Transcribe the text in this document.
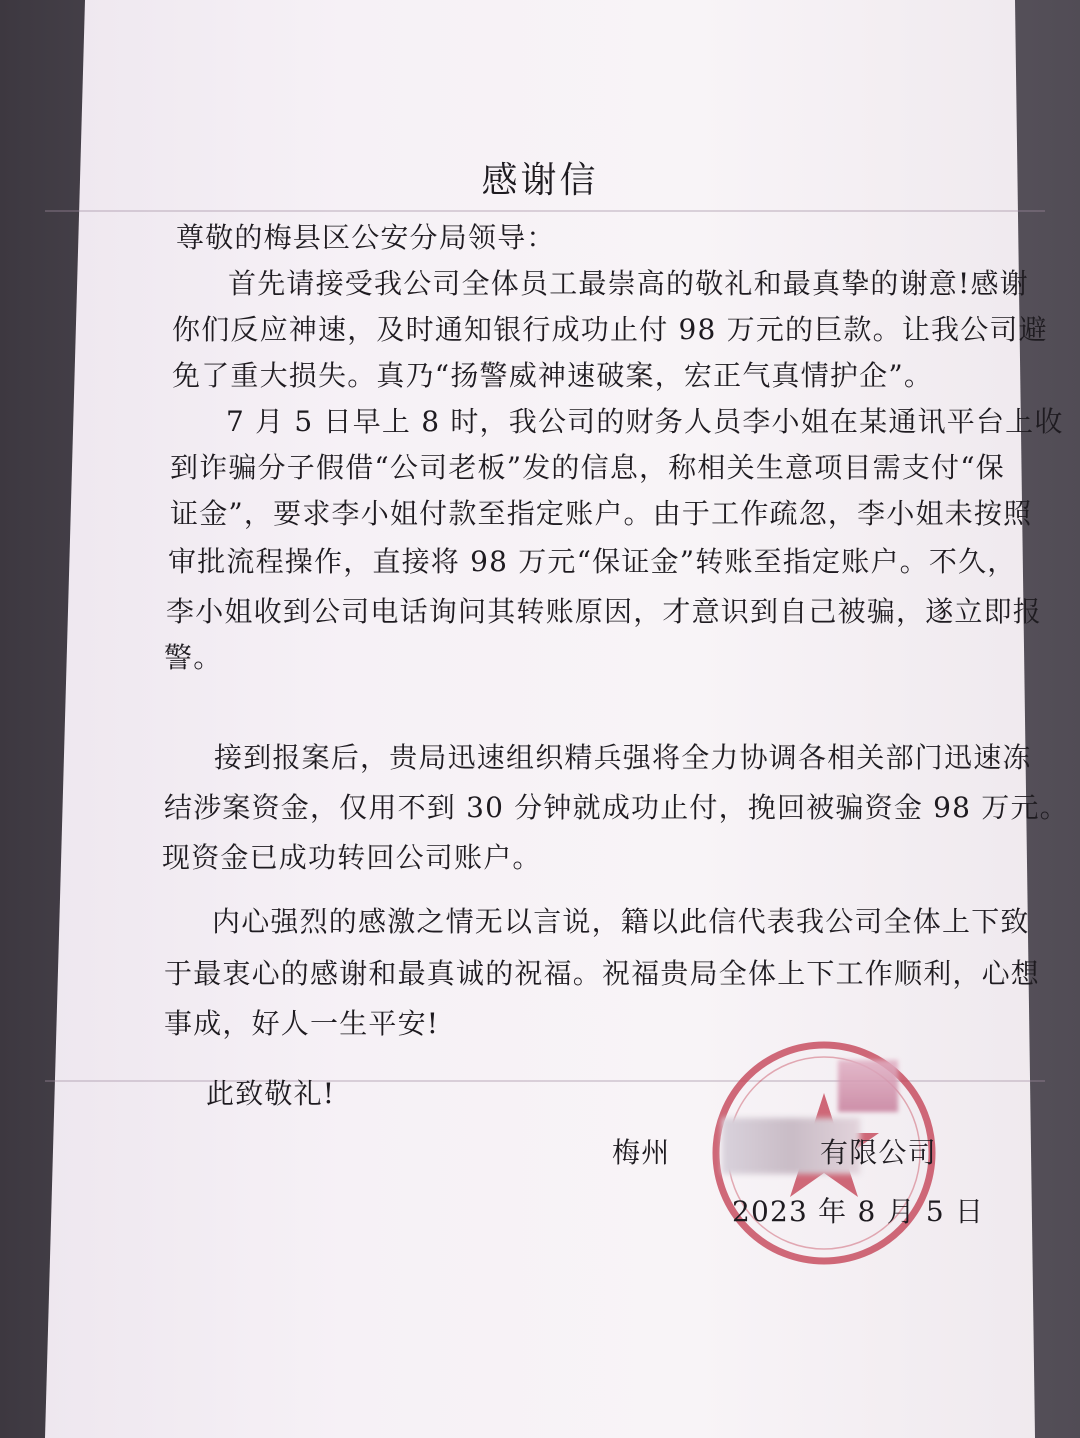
感谢信
尊敬的梅县区公安分局领导：
首先请接受我公司全体员工最崇高的敬礼和最真挚的谢意!感谢
你们反应神速，及时通知银行成功止付 98 万元的巨款。让我公司避
免了重大损失。真乃“扬警威神速破案，宏正气真情护企”。
7 月 5 日早上 8 时，我公司的财务人员李小姐在某通讯平台上收
到诈骗分子假借“公司老板”发的信息，称相关生意项目需支付“保
证金”，要求李小姐付款至指定账户。由于工作疏忽，李小姐未按照
审批流程操作，直接将 98 万元“保证金”转账至指定账户。不久，
李小姐收到公司电话询问其转账原因，才意识到自己被骗，遂立即报
警。
接到报案后，贵局迅速组织精兵强将全力协调各相关部门迅速冻
结涉案资金，仅用不到 30 分钟就成功止付，挽回被骗资金 98 万元。
现资金已成功转回公司账户。
内心强烈的感激之情无以言说，籍以此信代表我公司全体上下致
于最衷心的感谢和最真诚的祝福。祝福贵局全体上下工作顺利，心想
事成，好人一生平安!
此致敬礼!
梅州	有限公司
2023 年 8 月 5 日
